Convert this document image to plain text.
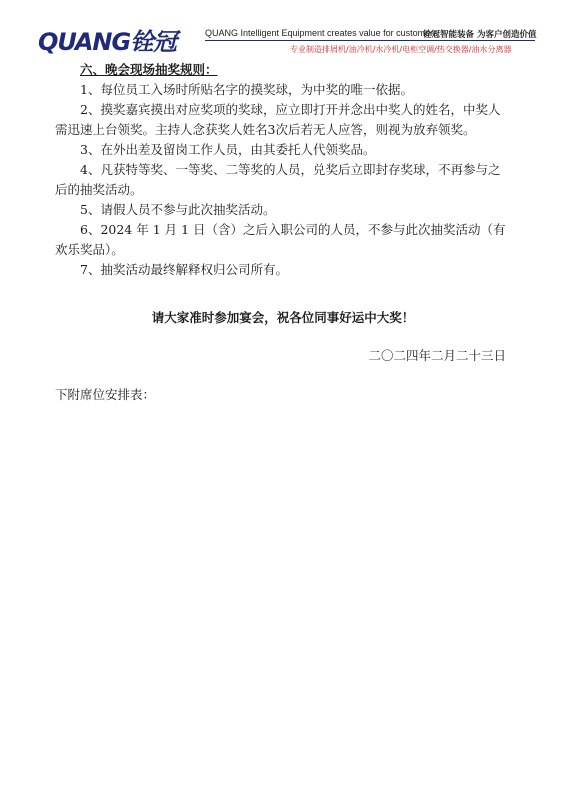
QUANG铨冠	QUANG Intelligent Equipment creates value for customers
铨冠智能装备 为客户创造价值
专业制造排屑机/油冷机/水冷机/电柜空调/热交换器/油水分离器
六、晚会现场抽奖规则：

1、每位员工入场时所贴名字的摸奖球，为中奖的唯一依据。

2、摸奖嘉宾摸出对应奖项的奖球，应立即打开并念出中奖人的姓名，中奖人需迅速上台领奖。主持人念获奖人姓名3次后若无人应答，则视为放弃领奖。

3、在外出差及留岗工作人员，由其委托人代领奖品。

4、凡获特等奖、一等奖、二等奖的人员，兑奖后立即封存奖球，不再参与之后的抽奖活动。

5、请假人员不参与此次抽奖活动。

6、2024 年 1 月 1 日（含）之后入职公司的人员，不参与此次抽奖活动（有欢乐奖品）。

7、抽奖活动最终解释权归公司所有。

请大家准时参加宴会，祝各位同事好运中大奖！
二〇二四年二月二十三日
下附席位安排表：
